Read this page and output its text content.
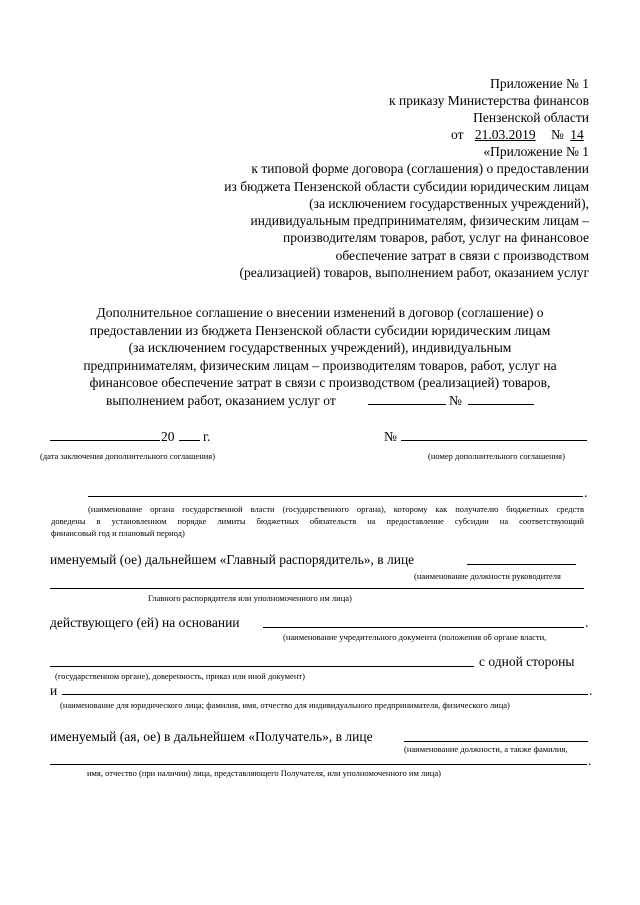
Приложение № 1
к приказу Министерства финансов
Пензенской области
от 21.03.2019 № 14
«Приложение № 1
к типовой форме договора (соглашения) о предоставлении
из бюджета Пензенской области субсидии юридическим лицам
(за исключением государственных учреждений),
индивидуальным предпринимателям, физическим лицам –
производителям товаров, работ, услуг на финансовое
обеспечение затрат в связи с производством
(реализацией) товаров, выполнением работ, оказанием услуг
Дополнительное соглашение о внесении изменений в договор (соглашение) о
предоставлении из бюджета Пензенской области субсидии юридическим лицам
(за исключением государственных учреждений), индивидуальным
предпринимателям, физическим лицам – производителям товаров, работ, услуг на
финансовое обеспечение затрат в связи с производством (реализацией) товаров,
выполнением работ, оказанием услуг от	№
20 г.	№
(дата заключения дополнительного соглашения)	(номер дополнительного соглашения)
.
(наименование органа государственной власти (государственного органа), которому как получателю бюджетных средств
доведены в установленном порядке лимиты бюджетных обязательств на предоставление субсидии на соответствующий
финансовый год и плановый период)
именуемый (ое) дальнейшем «Главный распорядитель», в лице
(наименование должности руководителя
Главного распорядителя или уполномоченного им лица)
действующего (ей) на основании	.
(наименование учредительного документа (положения об органе власти,
с одной стороны
(государственном органе), доверенность, приказ или иной документ)
и	.
(наименование для юридического лица; фамилия, имя, отчество для индивидуального предпринимателя, физического лица)
именуемый (ая, ое) в дальнейшем «Получатель», в лице
(наименование должности, а также фамилия,
.
имя, отчество (при наличии) лица, представляющего Получателя, или уполномоченного им лица)
